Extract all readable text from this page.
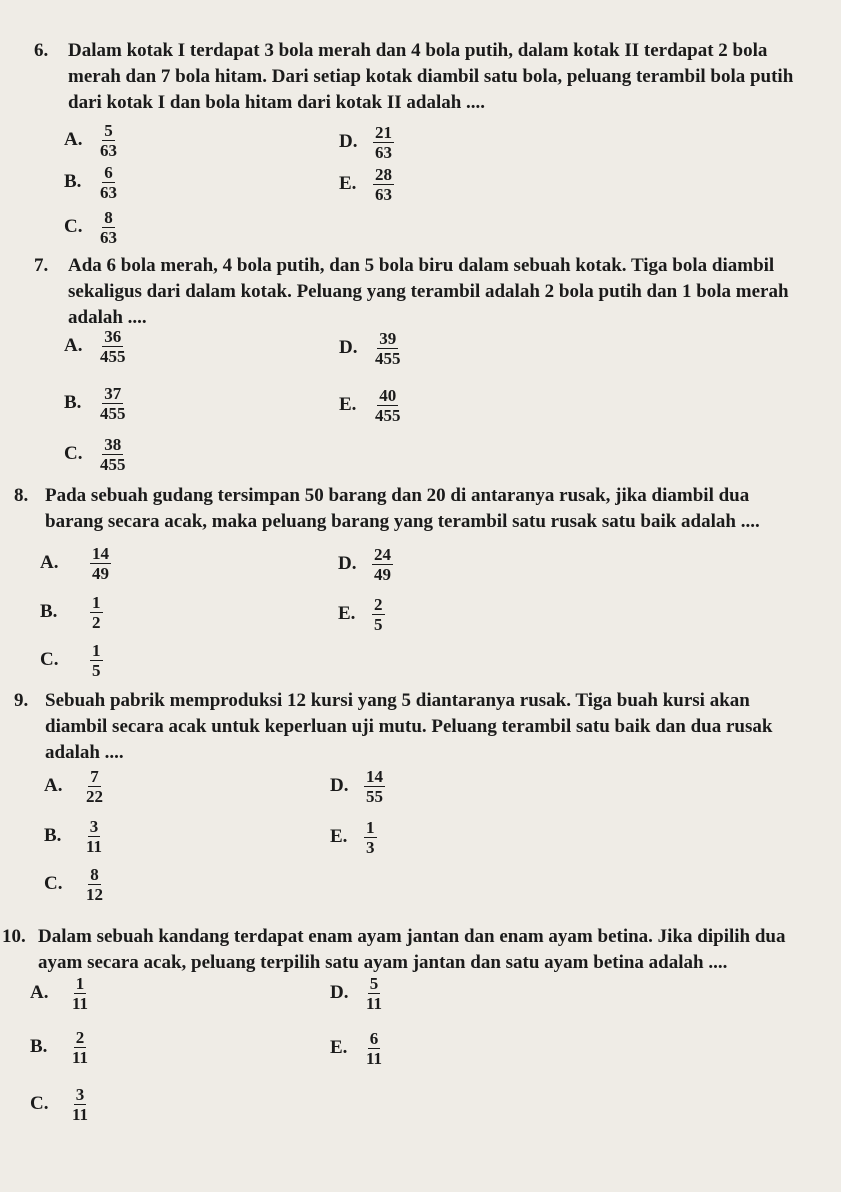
6. Dalam kotak I terdapat 3 bola merah dan 4 bola putih, dalam kotak II terdapat 2 bola
merah dan 7 bola hitam. Dari setiap kotak diambil satu bola, peluang terambil bola putih
dari kotak I dan bola hitam dari kotak II adalah ....
A. $\frac{5}{63}$
B. $\frac{6}{63}$
C. $\frac{8}{63}$
D. $\frac{21}{63}$
E. $\frac{28}{63}$
7. Ada 6 bola merah, 4 bola putih, dan 5 bola biru dalam sebuah kotak. Tiga bola diambil
sekaligus dari dalam kotak. Peluang yang terambil adalah 2 bola putih dan 1 bola merah
adalah ....
A. $\frac{36}{455}$
B. $\frac{37}{455}$
C. $\frac{38}{455}$
D. $\frac{39}{455}$
E. $\frac{40}{455}$
8. Pada sebuah gudang tersimpan 50 barang dan 20 di antaranya rusak, jika diambil dua
barang secara acak, maka peluang barang yang terambil satu rusak satu baik adalah ....
A.	$\frac{14}{49}$
B.	$\frac{1}{2}$
C.	$\frac{1}{5}$
D. $\frac{24}{49}$
E. $\frac{2}{5}$
9. Sebuah pabrik memproduksi 12 kursi yang 5 diantaranya rusak. Tiga buah kursi akan
diambil secara acak untuk keperluan uji mutu. Peluang terambil satu baik dan dua rusak
adalah ....
A.	$\frac{7}{22}$
B.	$\frac{3}{11}$
C.	$\frac{8}{12}$
D. $\frac{14}{55}$
E. $\frac{1}{3}$
10. Dalam sebuah kandang terdapat enam ayam jantan dan enam ayam betina. Jika dipilih dua
ayam secara acak, peluang terpilih satu ayam jantan dan satu ayam betina adalah ....
A.	$\frac{1}{11}$
B.	$\frac{2}{11}$
C.	$\frac{3}{11}$
D. $\frac{5}{11}$
E. $\frac{6}{11}$
